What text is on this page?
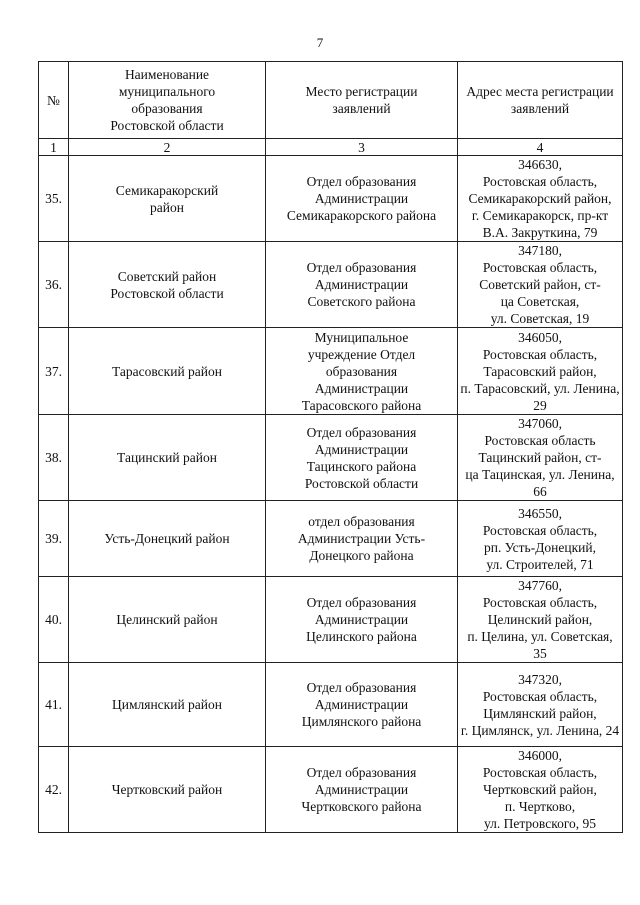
7
№	Наименование
муниципального
образования
Ростовской области	Место регистрации
заявлений	Адрес места регистрации
заявлений

1	2	3	4
35.	Семикаракорский
район	Отдел образования
Администрации
Семикаракорского района	346630,
Ростовская область,
Семикаракорский район,
г. Семикаракорск, пр-кт
В.А. Закруткина, 79

36.	Советский район
Ростовской области	Отдел образования
Администрации
Советского района	347180,
Ростовская область,
Советский район, ст-
ца Советская,
ул. Советская, 19

37.	Тарасовский район	Муниципальное
учреждение Отдел
образования
Администрации
Тарасовского района	346050,
Ростовская область,
Тарасовский район,
п. Тарасовский, ул. Ленина,
29

38.	Тацинский район	Отдел образования
Администрации
Тацинского района
Ростовской области	347060,
Ростовская область
Тацинский район, ст-
ца Тацинская, ул. Ленина,
66

39.	Усть-Донецкий район	отдел образования
Администрации Усть-
Донецкого района	346550,
Ростовская область,
рп. Усть-Донецкий,
ул. Строителей, 71

40.	Целинский район	Отдел образования
Администрации
Целинского района	347760,
Ростовская область,
Целинский район,
п. Целина, ул. Советская,
35

41.	Цимлянский район	Отдел образования
Администрации
Цимлянского района	347320,
Ростовская область,
Цимлянский район,
г. Цимлянск, ул. Ленина, 24

42.	Чертковский район	Отдел образования
Администрации
Чертковского района	346000,
Ростовская область,
Чертковский район,
п. Чертково,
ул. Петровского, 95
